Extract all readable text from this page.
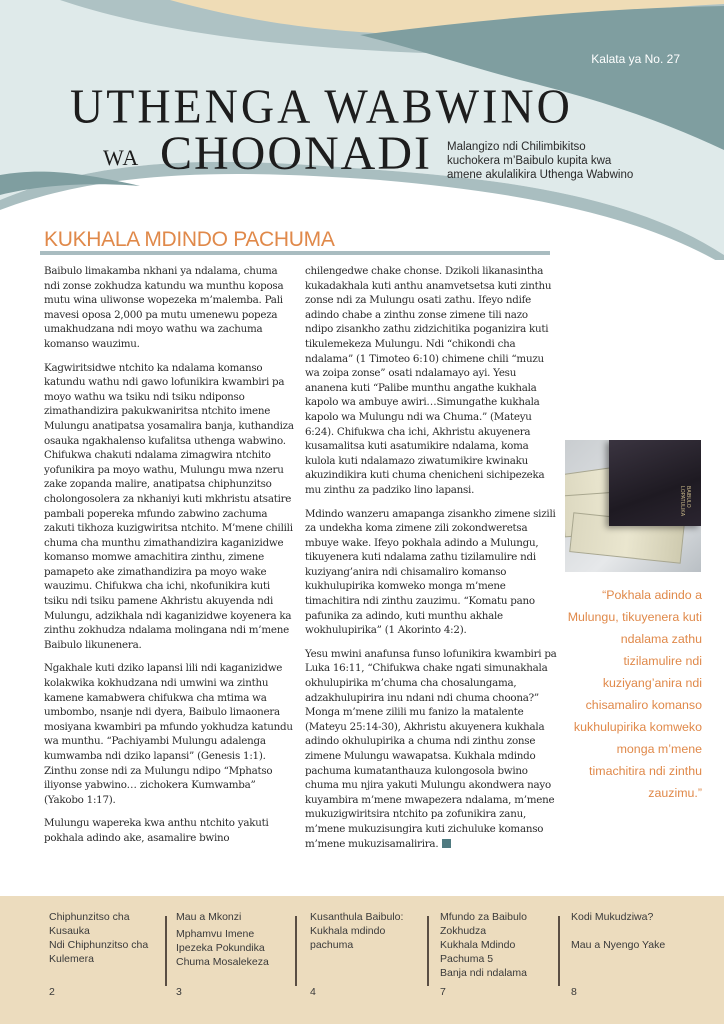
Kalata ya No. 27
UTHENGA WABWINO
WA CHOONADI Malangizo ndi Chilimbikitso
kuchokera m’Baibulo kupita kwa
amene akulalikira Uthenga Wabwino
KUKHALA MDINDO PACHUMA

Baibulo limakamba nkhani ya ndalama, chuma ndi zonse zokhudza katundu wa munthu koposa mutu wina uliwonse wopezeka m’malemba. Pali mavesi oposa 2,000 pa mutu umenewu popeza umakhudzana ndi moyo wathu wa zachuma komanso wauzimu.

Kagwiritsidwe ntchito ka ndalama komanso katundu wathu ndi gawo lofunikira kwambiri pa moyo wathu wa tsiku ndi tsiku ndiponso zimathandizira pakukwaniritsa ntchito imene Mulungu anatipatsa yosamalira banja, kuthandiza osauka ngakhalenso kufalitsa uthenga wabwino. Chifukwa chakuti ndalama zimagwira ntchito yofunikira pa moyo wathu, Mulungu mwa nzeru zake zopanda malire, anatipatsa chiphunzitso cholongosolera za nkhaniyi kuti mkhristu atsatire pambali popereka mfundo zabwino zachuma zakuti tikhoza kuzigwiritsa ntchito. M’mene chilili chuma cha munthu zimathandizira kaganizidwe komanso momwe amachitira zinthu, zimene pamapeto ake zimathandizira pa moyo wake wauzimu. Chifukwa cha ichi, nkofunikira kuti tsiku ndi tsiku pamene Akhristu akuyenda ndi Mulungu, adzikhala ndi kaganizidwe koyenera ka zinthu zokhudza ndalama molingana ndi m’mene Baibulo likunenera.

Ngakhale kuti dziko lapansi lili ndi kaganizidwe kolakwika kokhudzana ndi umwini wa zinthu kamene kamabwera chifukwa cha mtima wa umbombo, nsanje ndi dyera, Baibulo limaonera mosiyana kwambiri pa mfundo yokhudza katundu wa munthu. “Pachiyambi Mulungu adalenga kumwamba ndi dziko lapansi” (Genesis 1:1). Zinthu zonse ndi za Mulungu ndipo “Mphatso iliyonse yabwino… zichokera Kumwamba” (Yakobo 1:17).

Mulungu wapereka kwa anthu ntchito yakuti pokhala adindo ake, asamalire bwino

chilengedwe chake chonse. Dzikoli likanasintha kukadakhala kuti anthu anamvetsetsa kuti zinthu zonse ndi za Mulungu osati zathu. Ifeyo ndife adindo chabe a zinthu zonse zimene tili nazo ndipo zisankho zathu zidzichitika poganizira kuti tikulemekeza Mulungu. Ndi “chikondi cha ndalama” (1 Timoteo 6:10) chimene chili “muzu wa zoipa zonse” osati ndalamayo ayi. Yesu ananena kuti “Palibe munthu angathe kukhala kapolo wa ambuye awiri…Simungathe kukhala kapolo wa Mulungu ndi wa Chuma.” (Mateyu 6:24). Chifukwa cha ichi, Akhristu akuyenera kusamalitsa kuti asatumikire ndalama, koma kulola kuti ndalamazo ziwatumikire kwinaku akuzindikira kuti chuma chenicheni sichipezeka mu zinthu za padziko lino lapansi.

Mdindo wanzeru amapanga zisankho zimene sizili za undekha koma zimene zili zokondweretsa mbuye wake. Ifeyo pokhala adindo a Mulungu, tikuyenera kuti ndalama zathu tizilamulire ndi kuziyang’anira ndi chisamaliro komanso kukhulupirika komweko monga m’mene timachitira ndi zinthu zauzimu. “Komatu pano pafunika za adindo, kuti munthu akhale wokhulupirika” (1 Akorinto 4:2).

Yesu mwini anafunsa funso lofunikira kwambiri pa Luka 16:11, “Chifukwa chake ngati simunakhala okhulupirika m’chuma cha chosalungama, adzakhulupirira inu ndani ndi chuma choona?” Monga m’mene zilili mu fanizo la matalente (Mateyu 25:14-30), Akhristu akuyenera kukhala adindo okhulupirika a chuma ndi zinthu zonse zimene Mulungu wawapatsa. Kukhala mdindo pachuma kumatanthauza kulongosola bwino chuma mu njira yakuti Mulungu akondwera nayo kuyambira m’mene mwapezera ndalama, m’mene mukuzigwiritsira ntchito pa zofunikira zanu, m’mene mukuzisungira kuti zichuluke komanso m’mene mukuzisamalirira.

BAIBULO LOPATULIKA
“Pokhala adindo a Mulungu, tikuyenera kuti ndalama zathu tizilamulire ndi kuziyang’anira ndi chisamaliro komanso kukhulupirika komweko monga m’mene timachitira ndi zinthu zauzimu.”
Chiphunzitso cha
Kusauka
Ndi Chiphunzitso cha
Kulemera
2
Mau a Mkonzi
Mphamvu Imene
Ipezeka Pokundika
Chuma Mosalekeza
3
Kusanthula Baibulo:
Kukhala mdindo
pachuma
4
Mfundo za Baibulo
Zokhudza
Kukhala Mdindo
Pachuma 5
Banja ndi ndalama
7
Kodi Mukudziwa?
Mau a Nyengo Yake
8
